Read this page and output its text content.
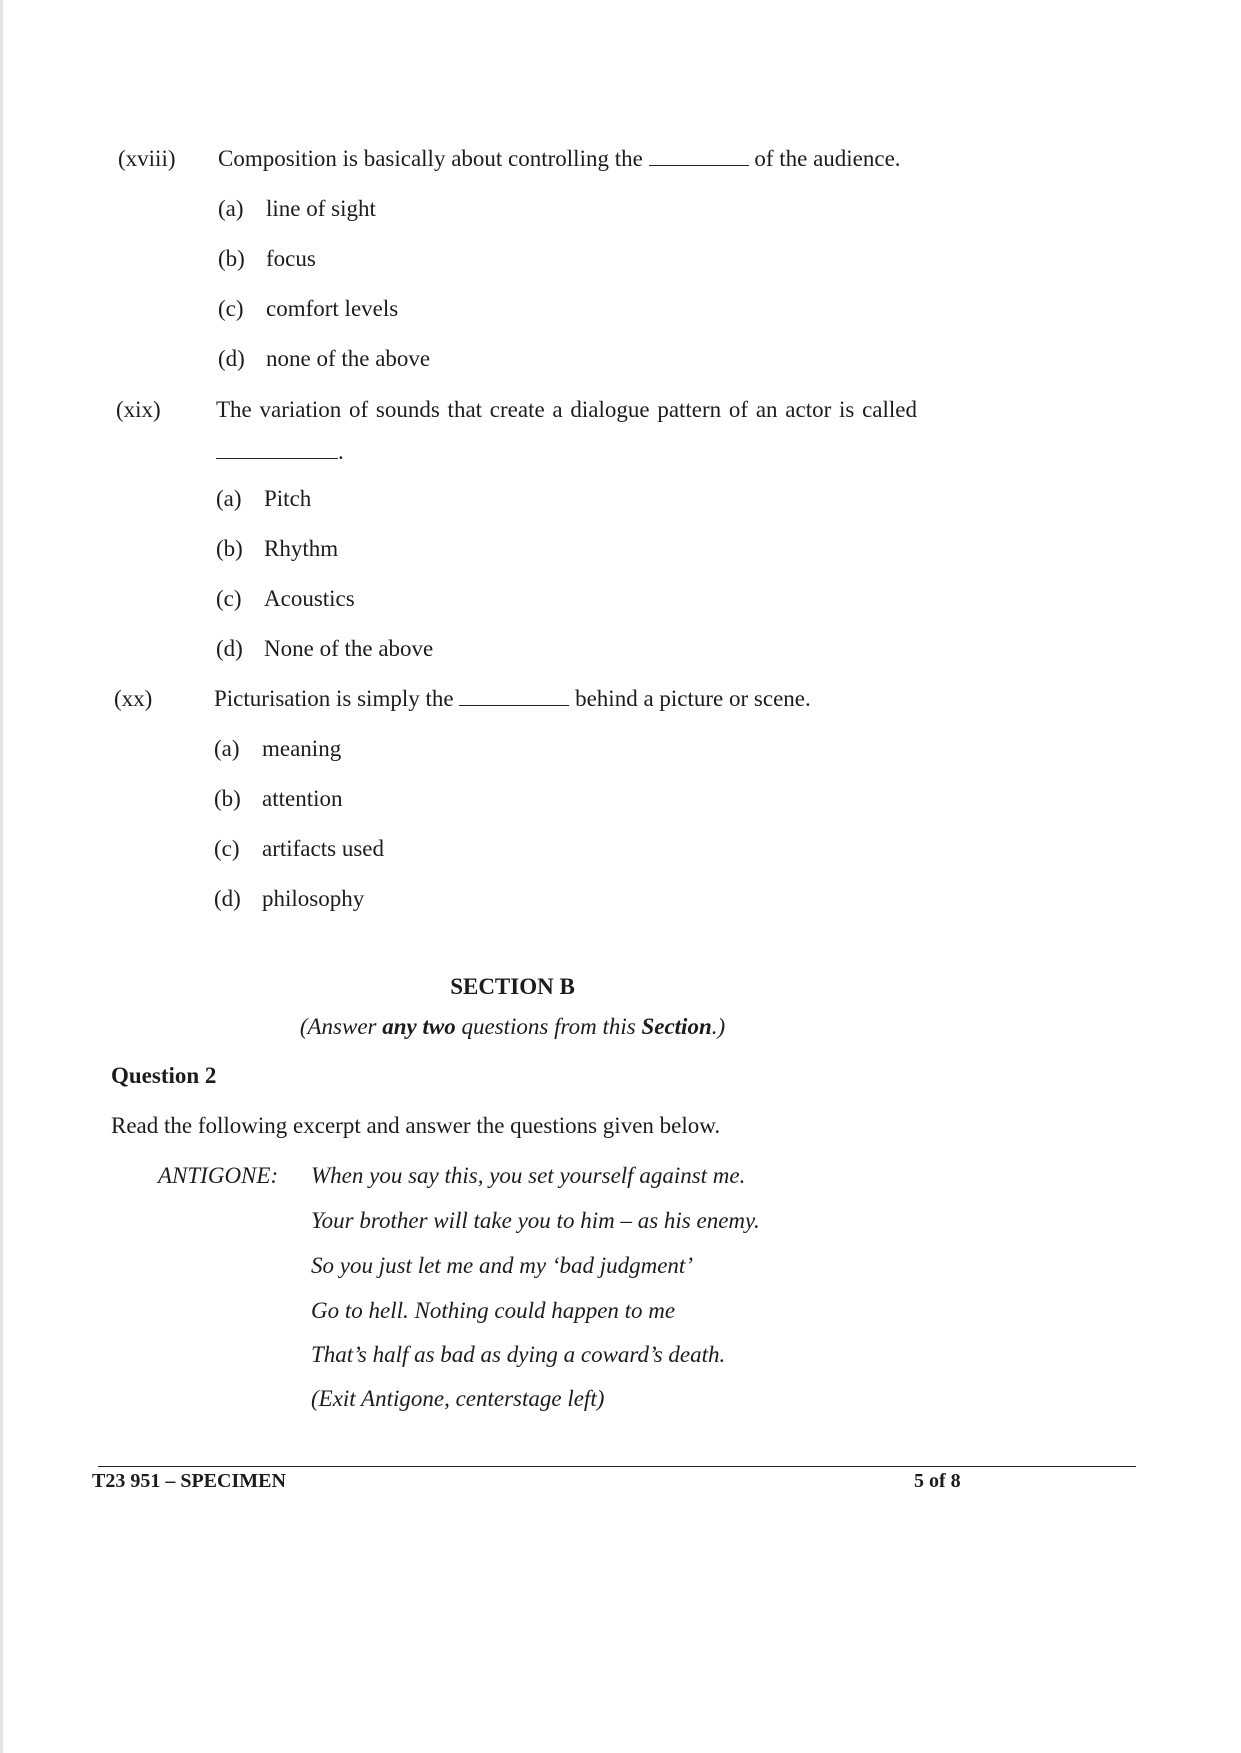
(xviii) Composition is basically about controlling the	of the audience.
(a) line of sight
(b) focus
(c) comfort levels
(d) none of the above
(xix) The variation of sounds that create a dialogue pattern of an actor is called
.
(a) Pitch
(b) Rhythm
(c) Acoustics
(d) None of the above
(xx)	Picturisation is simply the	behind a picture or scene.
(a) meaning
(b) attention
(c) artifacts used
(d) philosophy
SECTION B
(Answer any two questions from this Section.)
Question 2
Read the following excerpt and answer the questions given below.
ANTIGONE: When you say this, you set yourself against me.
Your brother will take you to him – as his enemy.
So you just let me and my ‘bad judgment’
Go to hell. Nothing could happen to me
That’s half as bad as dying a coward’s death.
(Exit Antigone, centerstage left)
T23 951 – SPECIMEN	5 of 8
